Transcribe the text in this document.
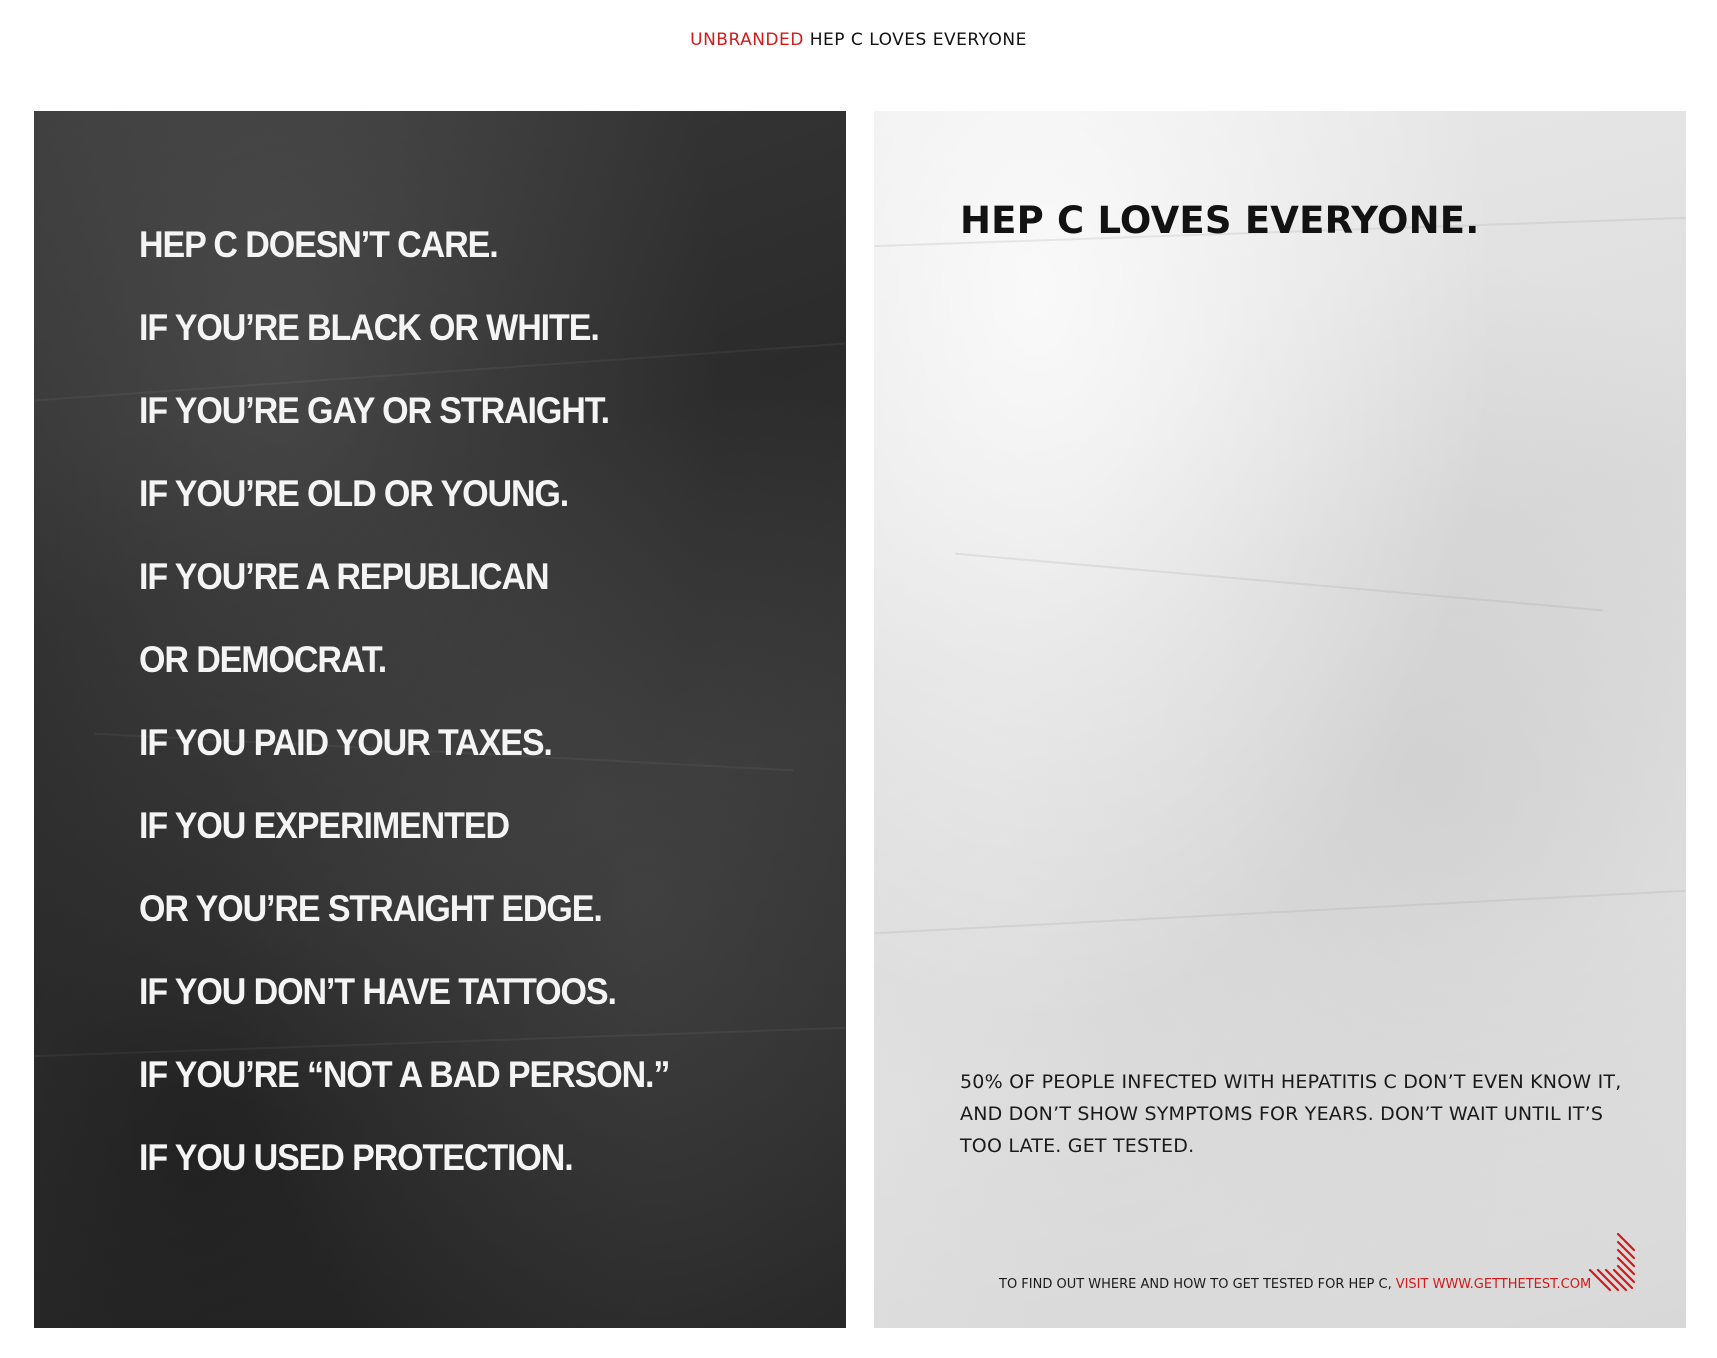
UNBRANDED HEP C LOVES EVERYONE
HEP C DOESN’T CARE.
IF YOU’RE BLACK OR WHITE.
IF YOU’RE GAY OR STRAIGHT.
IF YOU’RE OLD OR YOUNG.
IF YOU’RE A REPUBLICAN
OR DEMOCRAT.
IF YOU PAID YOUR TAXES.
IF YOU EXPERIMENTED
OR YOU’RE STRAIGHT EDGE.
IF YOU DON’T HAVE TATTOOS.
IF YOU’RE “NOT A BAD PERSON.”
IF YOU USED PROTECTION.
HEP C LOVES EVERYONE.
50% OF PEOPLE INFECTED WITH HEPATITIS C DON’T EVEN KNOW IT, AND DON’T SHOW SYMPTOMS FOR YEARS. DON’T WAIT UNTIL IT’S TOO LATE. GET TESTED.
TO FIND OUT WHERE AND HOW TO GET TESTED FOR HEP C, VISIT WWW.GETTHETEST.COM
